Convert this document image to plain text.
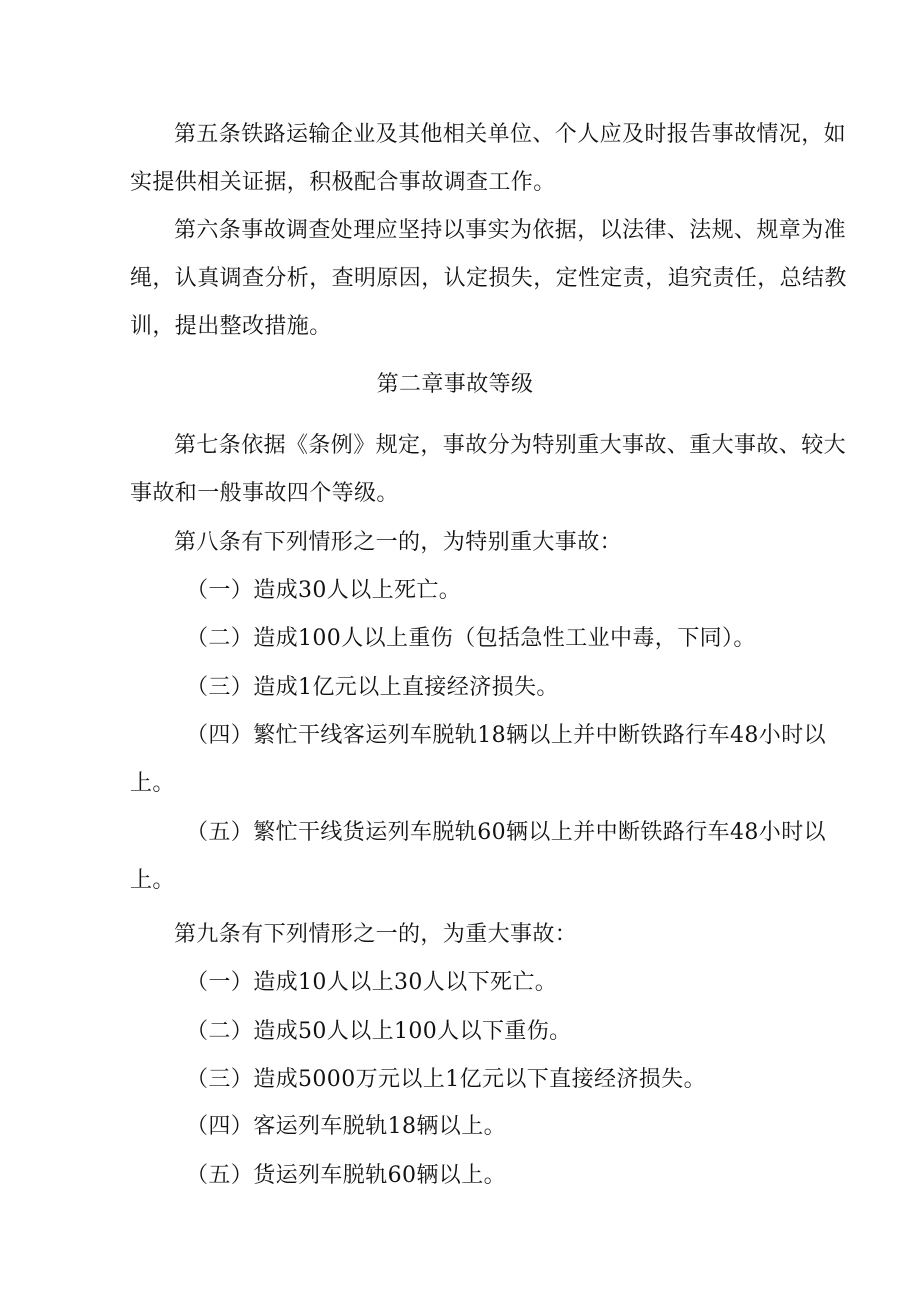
第五条铁路运输企业及其他相关单位、个人应及时报告事故情况，如
实提供相关证据，积极配合事故调查工作。
第六条事故调查处理应坚持以事实为依据，以法律、法规、规章为准
绳，认真调查分析，查明原因，认定损失，定性定责，追究责任，总结教
训，提出整改措施。
第二章事故等级
第七条依据《条例》规定，事故分为特别重大事故、重大事故、较大
事故和一般事故四个等级。
第八条有下列情形之一的，为特别重大事故：
（一）造成30人以上死亡。
（二）造成100人以上重伤（包括急性工业中毒，下同）。
（三）造成1亿元以上直接经济损失。
（四）繁忙干线客运列车脱轨18辆以上并中断铁路行车48小时以
上。
（五）繁忙干线货运列车脱轨60辆以上并中断铁路行车48小时以
上。
第九条有下列情形之一的，为重大事故：
（一）造成10人以上30人以下死亡。
（二）造成50人以上100人以下重伤。
（三）造成5000万元以上1亿元以下直接经济损失。
（四）客运列车脱轨18辆以上。
（五）货运列车脱轨60辆以上。
